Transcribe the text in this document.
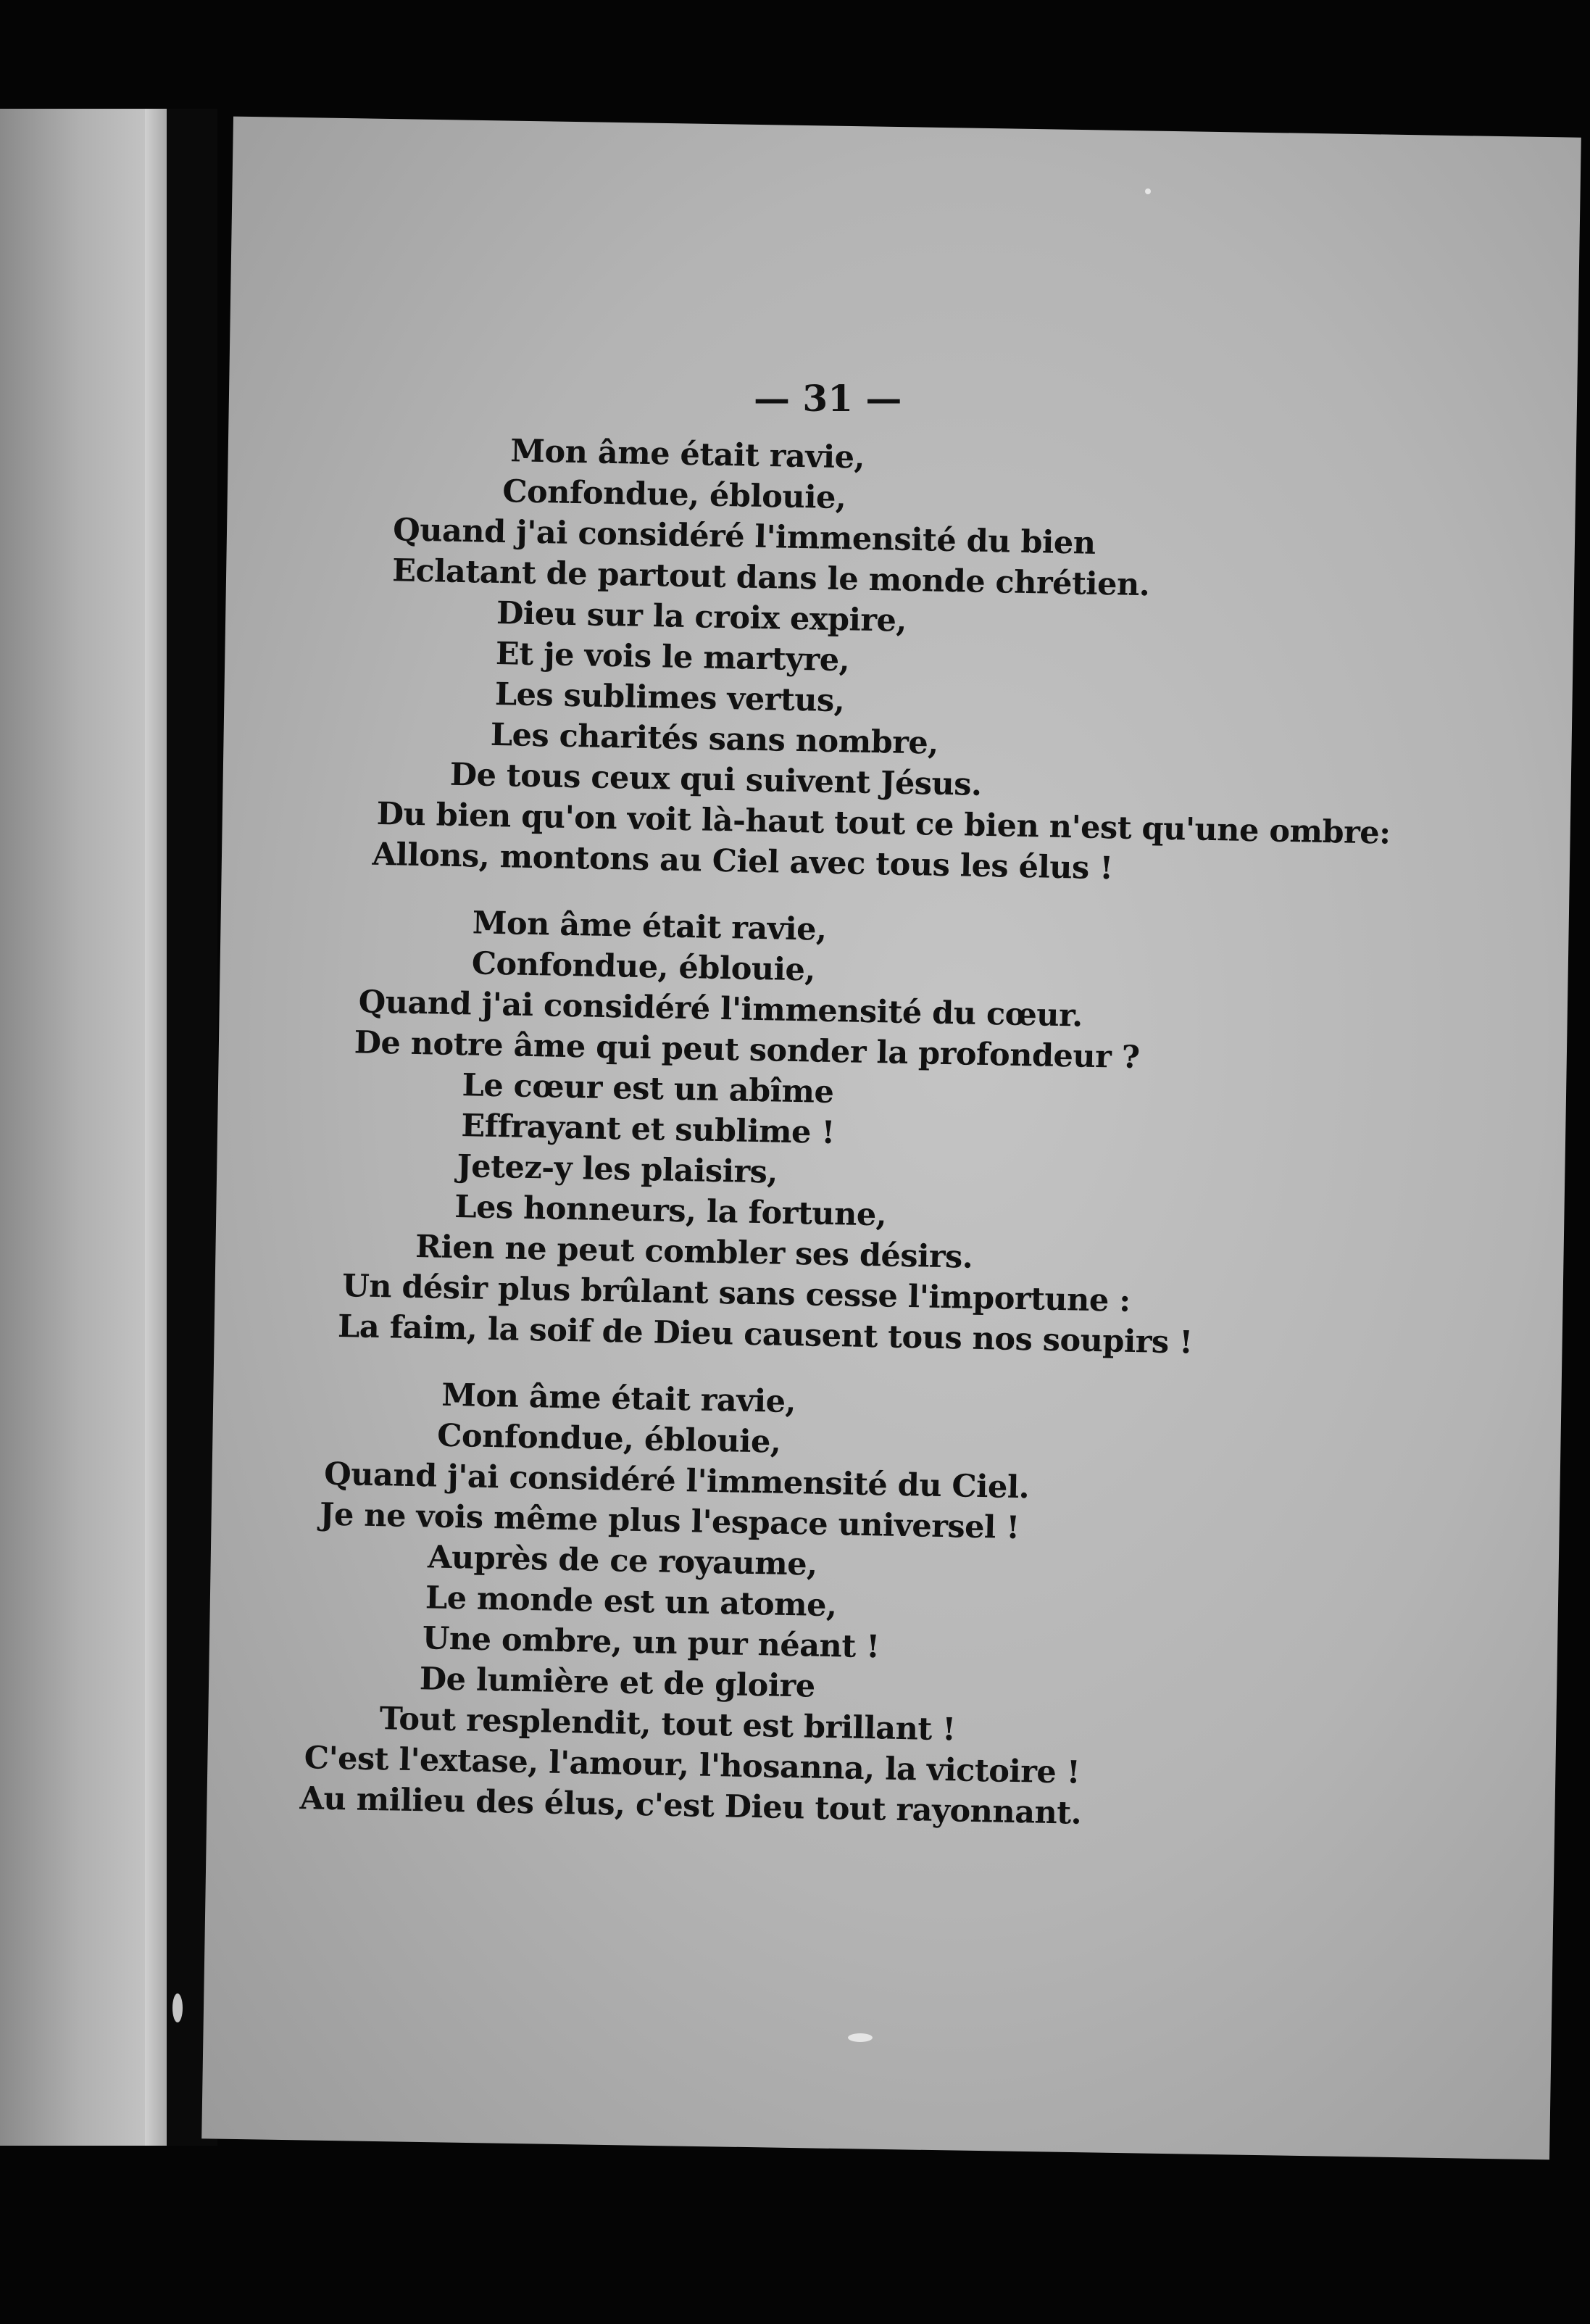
— 31 —
Mon âme était ravie,
Confondue, éblouie,
Quand j'ai considéré l'immensité du bien
Eclatant de partout dans le monde chrétien.
Dieu sur la croix expire,
Et je vois le martyre,
Les sublimes vertus,
Les charités sans nombre,
De tous ceux qui suivent Jésus.
Du bien qu'on voit là-haut tout ce bien n'est qu'une ombre:
Allons, montons au Ciel avec tous les élus !
Mon âme était ravie,
Confondue, éblouie,
Quand j'ai considéré l'immensité du cœur.
De notre âme qui peut sonder la profondeur ?
Le cœur est un abîme
Effrayant et sublime !
Jetez-y les plaisirs,
Les honneurs, la fortune,
Rien ne peut combler ses désirs.
Un désir plus brûlant sans cesse l'importune :
La faim, la soif de Dieu causent tous nos soupirs !
Mon âme était ravie,
Confondue, éblouie,
Quand j'ai considéré l'immensité du Ciel.
Je ne vois même plus l'espace universel !
Auprès de ce royaume,
Le monde est un atome,
Une ombre, un pur néant !
De lumière et de gloire
Tout resplendit, tout est brillant !
C'est l'extase, l'amour, l'hosanna, la victoire !
Au milieu des élus, c'est Dieu tout rayonnant.
